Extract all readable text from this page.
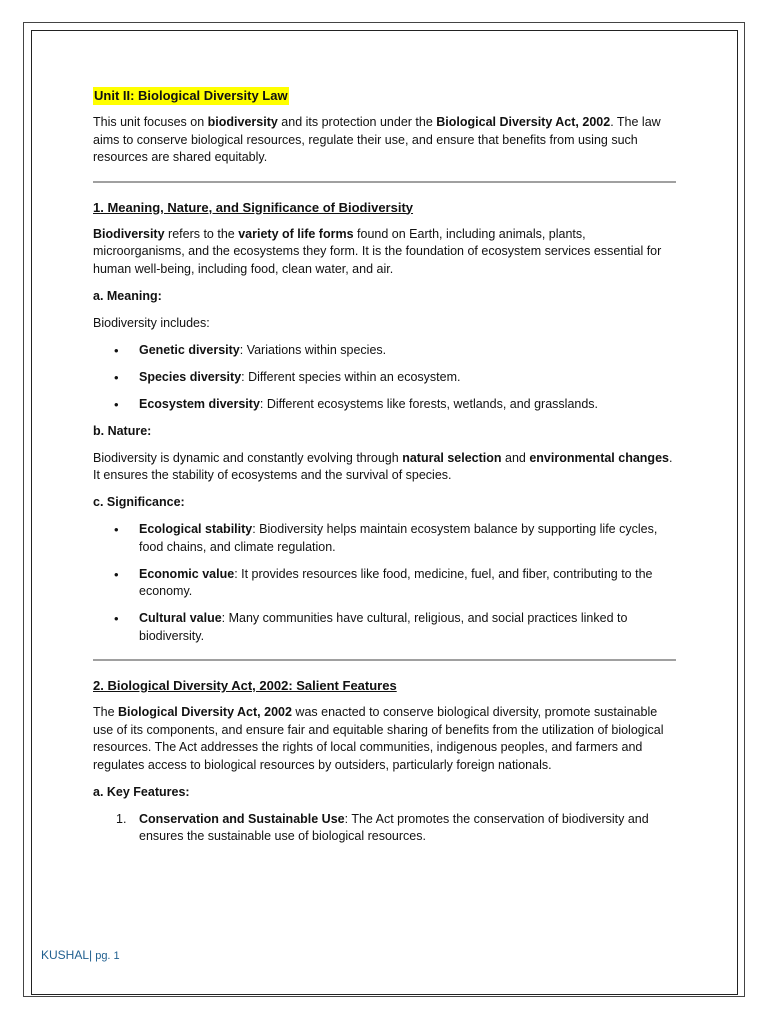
Unit II: Biological Diversity Law

This unit focuses on biodiversity and its protection under the Biological Diversity Act, 2002. The law aims to conserve biological resources, regulate their use, and ensure that benefits from using such resources are shared equitably.

1. Meaning, Nature, and Significance of Biodiversity

Biodiversity refers to the variety of life forms found on Earth, including animals, plants, microorganisms, and the ecosystems they form. It is the foundation of ecosystem services essential for human well-being, including food, clean water, and air.

a. Meaning:

Biodiversity includes:

• Genetic diversity: Variations within species.
• Species diversity: Different species within an ecosystem.
• Ecosystem diversity: Different ecosystems like forests, wetlands, and grasslands.
b. Nature:

Biodiversity is dynamic and constantly evolving through natural selection and environmental changes. It ensures the stability of ecosystems and the survival of species.

c. Significance:
• Ecological stability: Biodiversity helps maintain ecosystem balance by supporting life cycles, food chains, and climate regulation.
• Economic value: It provides resources like food, medicine, fuel, and fiber, contributing to the economy.
• Cultural value: Many communities have cultural, religious, and social practices linked to biodiversity.
2. Biological Diversity Act, 2002: Salient Features

The Biological Diversity Act, 2002 was enacted to conserve biological diversity, promote sustainable use of its components, and ensure fair and equitable sharing of benefits from the utilization of biological resources. The Act addresses the rights of local communities, indigenous peoples, and farmers and regulates access to biological resources by outsiders, particularly foreign nationals.

a. Key Features:
1. Conservation and Sustainable Use: The Act promotes the conservation of biodiversity and ensures the sustainable use of biological resources.
KUSHAL| pg. 1
